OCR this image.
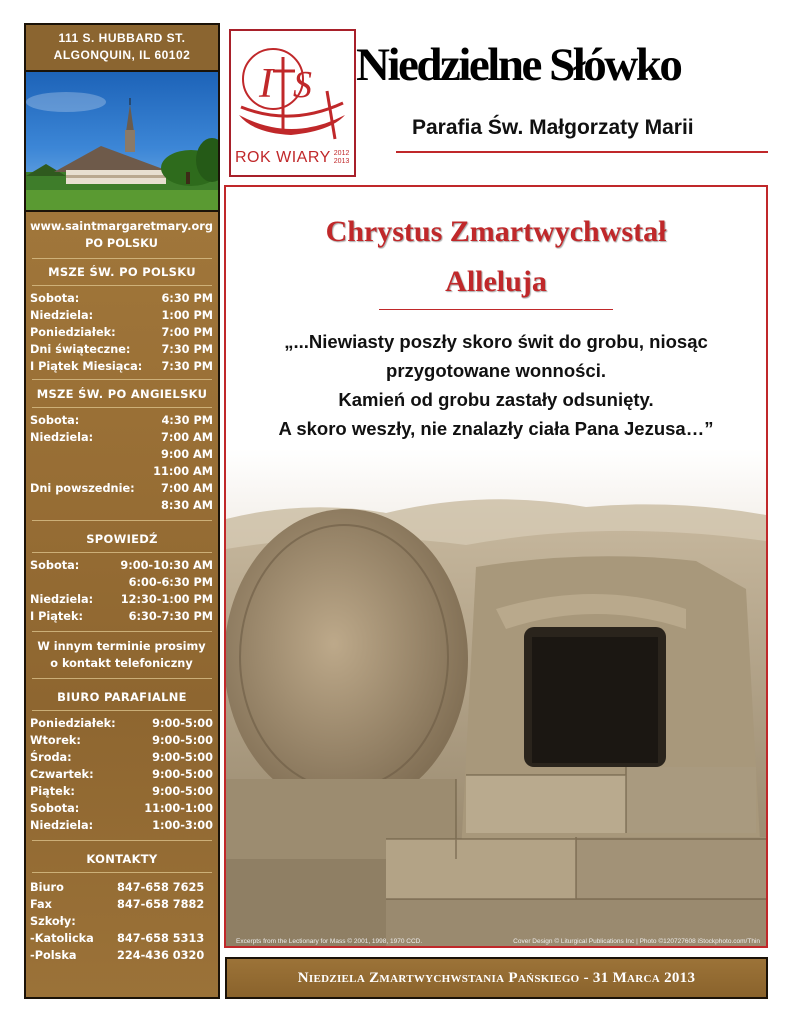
111 S. HUBBARD ST.
ALGONQUIN, IL 60102
www.saintmargaretmary.org
PO POLSKU
MSZE ŚW. PO POLSKU
Sobota:	6:30 PM
Niedziela:	1:00 PM
Poniedziałek:	7:00 PM
Dni świąteczne:	7:30 PM
I Piątek Miesiąca: 7:30 PM
MSZE ŚW. PO ANGIELSKU
Sobota:	4:30 PM
Niedziela:	7:00 AM
9:00 AM
11:00 AM
Dni powszednie: 7:00 AM
8:30 AM
SPOWIEDŹ
Sobota:	9:00-10:30 AM
6:00-6:30 PM
Niedziela: 12:30-1:00 PM
I Piątek:	6:30-7:30 PM
W innym terminie prosimy
o kontakt telefoniczny
BIURO PARAFIALNE
Poniedziałek:	9:00-5:00
Wtorek:	9:00-5:00
Środa:	9:00-5:00
Czwartek:	9:00-5:00
Piątek:	9:00-5:00
Sobota:	11:00-1:00
Niedziela:	1:00-3:00
KONTAKTY
Biuro	847-658 7625
Fax	847-658 7882
Szkoły:
-Katolicka 847-658 5313
-Polska	224-436 0320
I S
ROK WIARY 2012
2013
Niedzielne Słówko
Parafia Św. Małgorzaty Marii
Chrystus Zmartwychwstał
Alleluja
„...Niewiasty poszły skoro świt do grobu, niosąc
przygotowane wonności.
Kamień od grobu zastały odsunięty.
A skoro weszły, nie znalazły ciała Pana Jezusa…”
Excerpts from the Lectionary for Mass © 2001, 1998, 1970 CCD.	Cover Design © Liturgical Publications Inc | Photo ©120727608 iStockphoto.com/Thin
Niedziela Zmartwychwstania Pańskiego - 31 Marca 2013
